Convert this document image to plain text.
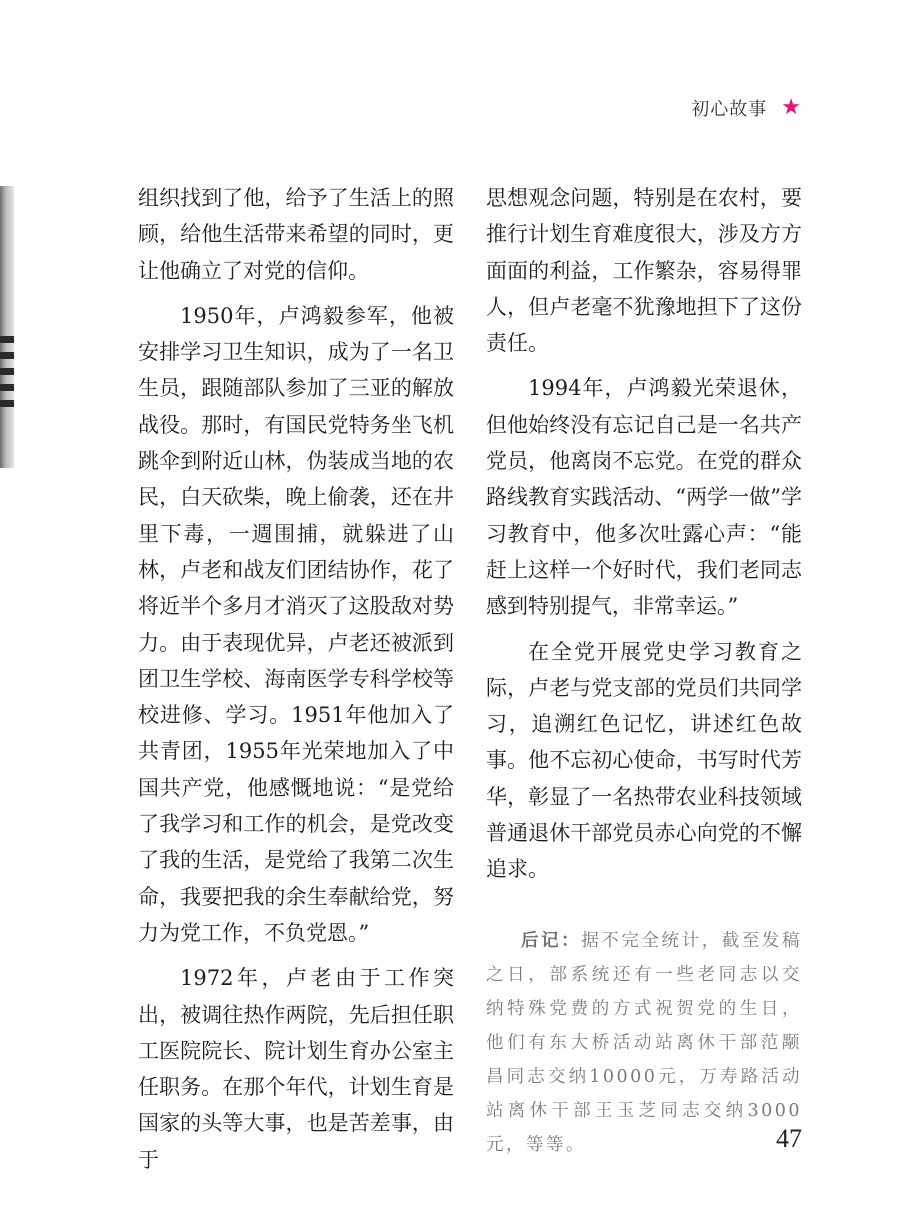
初心故事 ★

组织找到了他，给予了生活上的照顾，给他生活带来希望的同时，更让他确立了对党的信仰。

1950年，卢鸿毅参军，他被安排学习卫生知识，成为了一名卫生员，跟随部队参加了三亚的解放战役。那时，有国民党特务坐飞机跳伞到附近山林，伪装成当地的农民，白天砍柴，晚上偷袭，还在井里下毒，一週围捕，就躲进了山林，卢老和战友们团结协作，花了将近半个多月才消灭了这股敌对势力。由于表现优异，卢老还被派到团卫生学校、海南医学专科学校等校进修、学习。1951年他加入了共青团，1955年光荣地加入了中国共产党，他感慨地说：“是党给了我学习和工作的机会，是党改变了我的生活，是党给了我第二次生命，我要把我的余生奉献给党，努力为党工作，不负党恩。”

1972年，卢老由于工作突出，被调往热作两院，先后担任职工医院院长、院计划生育办公室主任职务。在那个年代，计划生育是国家的头等大事，也是苦差事，由于

思想观念问题，特别是在农村，要推行计划生育难度很大，涉及方方面面的利益，工作繁杂，容易得罪人，但卢老毫不犹豫地担下了这份责任。

1994年，卢鸿毅光荣退休，但他始终没有忘记自己是一名共产党员，他离岗不忘党。在党的群众路线教育实践活动、“两学一做”学习教育中，他多次吐露心声：“能赶上这样一个好时代，我们老同志感到特别提气，非常幸运。”

在全党开展党史学习教育之际，卢老与党支部的党员们共同学习，追溯红色记忆，讲述红色故事。他不忘初心使命，书写时代芳华，彰显了一名热带农业科技领域普通退休干部党员赤心向党的不懈追求。

后记：据不完全统计，截至发稿之日，部系统还有一些老同志以交纳特殊党费的方式祝贺党的生日，他们有东大桥活动站离休干部范颙昌同志交纳10000元，万寿路活动站离休干部王玉芝同志交纳3000元，等等。	47
